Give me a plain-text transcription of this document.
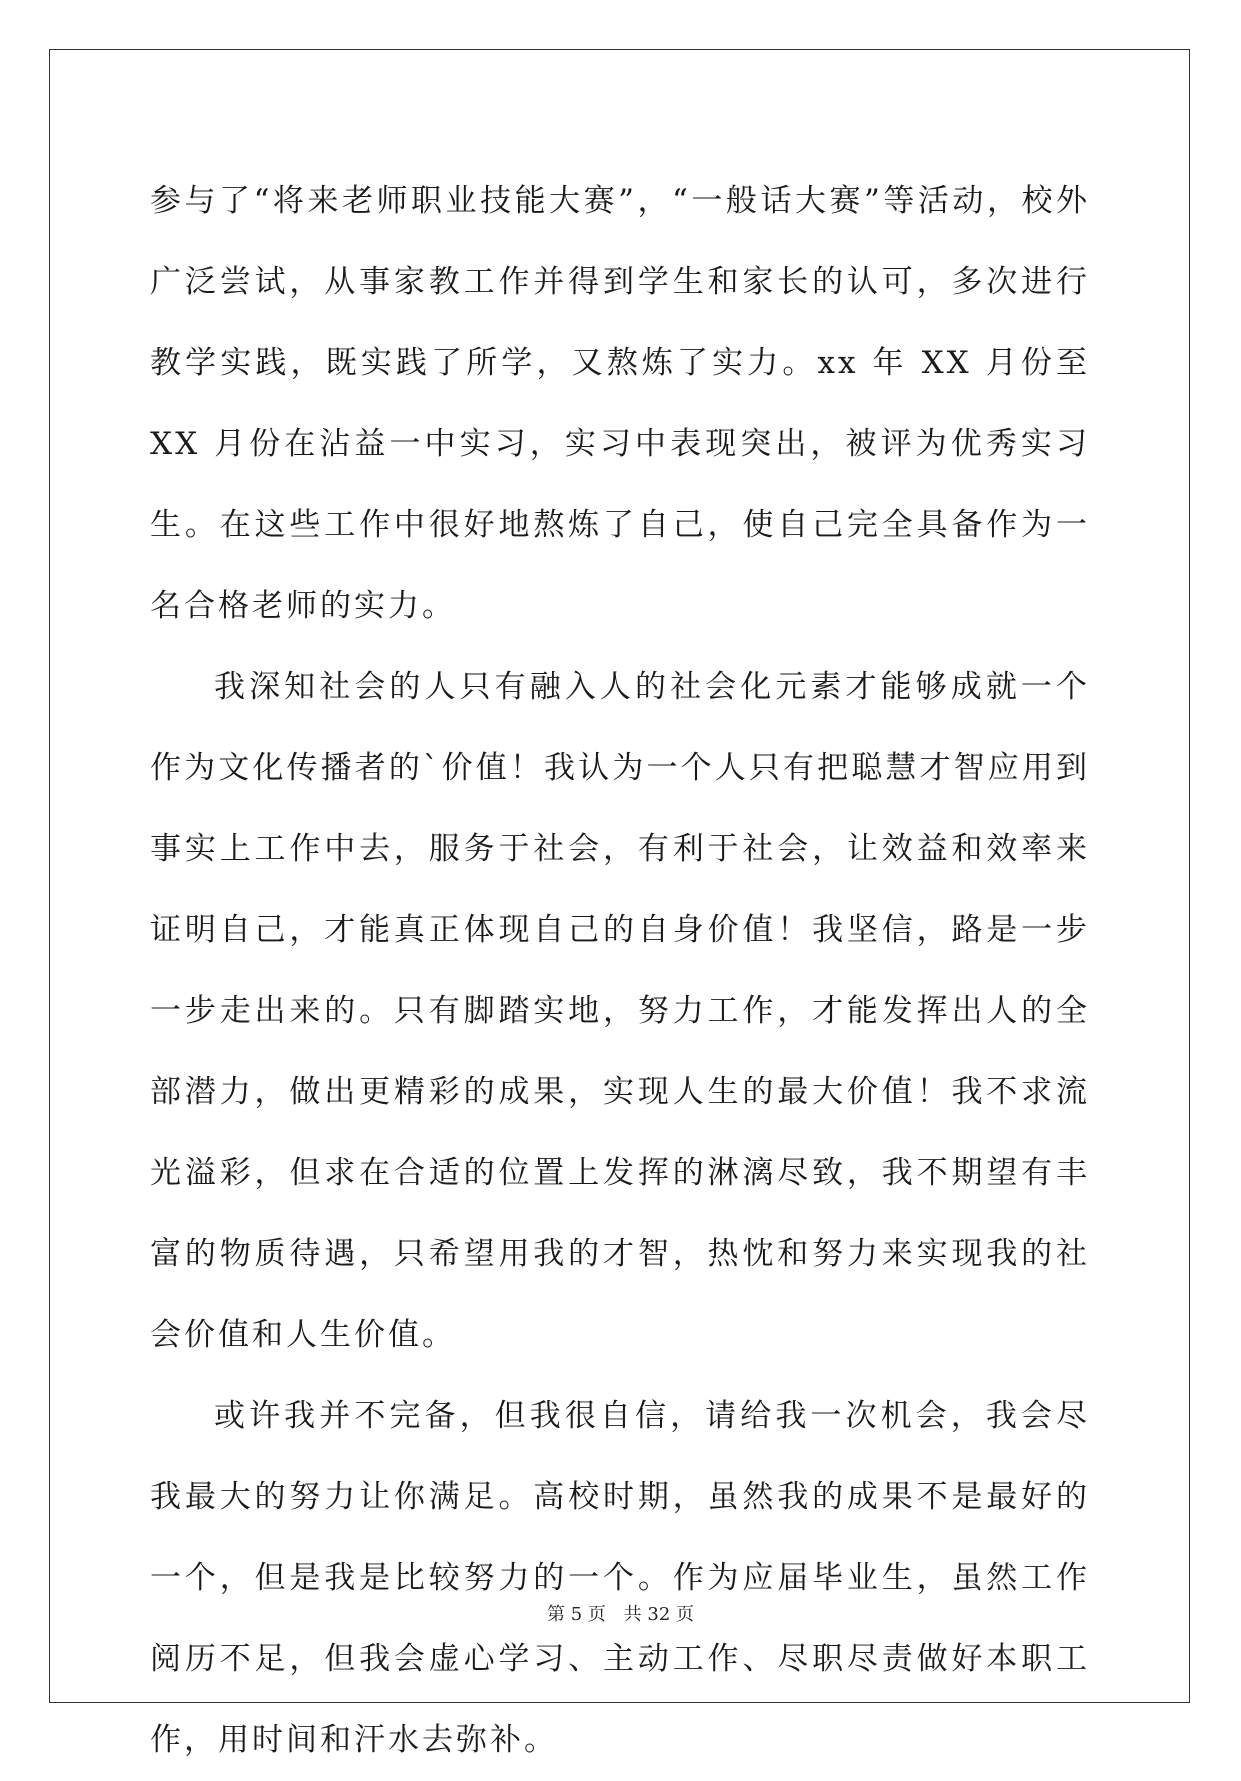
参与了“将来老师职业技能大赛”，“一般话大赛”等活动，校外广泛尝试，从事家教工作并得到学生和家长的认可，多次进行教学实践，既实践了所学，又熬炼了实力。xx 年 XX 月份至 XX 月份在沾益一中实习，实习中表现突出，被评为优秀实习生。在这些工作中很好地熬炼了自己，使自己完全具备作为一名合格老师的实力。

我深知社会的人只有融入人的社会化元素才能够成就一个作为文化传播者的`价值！我认为一个人只有把聪慧才智应用到事实上工作中去，服务于社会，有利于社会，让效益和效率来证明自己，才能真正体现自己的自身价值！我坚信，路是一步一步走出来的。只有脚踏实地，努力工作，才能发挥出人的全部潜力，做出更精彩的成果，实现人生的最大价值！我不求流光溢彩，但求在合适的位置上发挥的淋漓尽致，我不期望有丰富的物质待遇，只希望用我的才智，热忱和努力来实现我的社会价值和人生价值。

或许我并不完备，但我很自信，请给我一次机会，我会尽我最大的努力让你满足。高校时期，虽然我的成果不是最好的一个，但是我是比较努力的一个。作为应届毕业生，虽然工作阅历不足，但我会虚心学习、主动工作、尽职尽责做好本职工作，用时间和汗水去弥补。

第 5 页 共 32 页
